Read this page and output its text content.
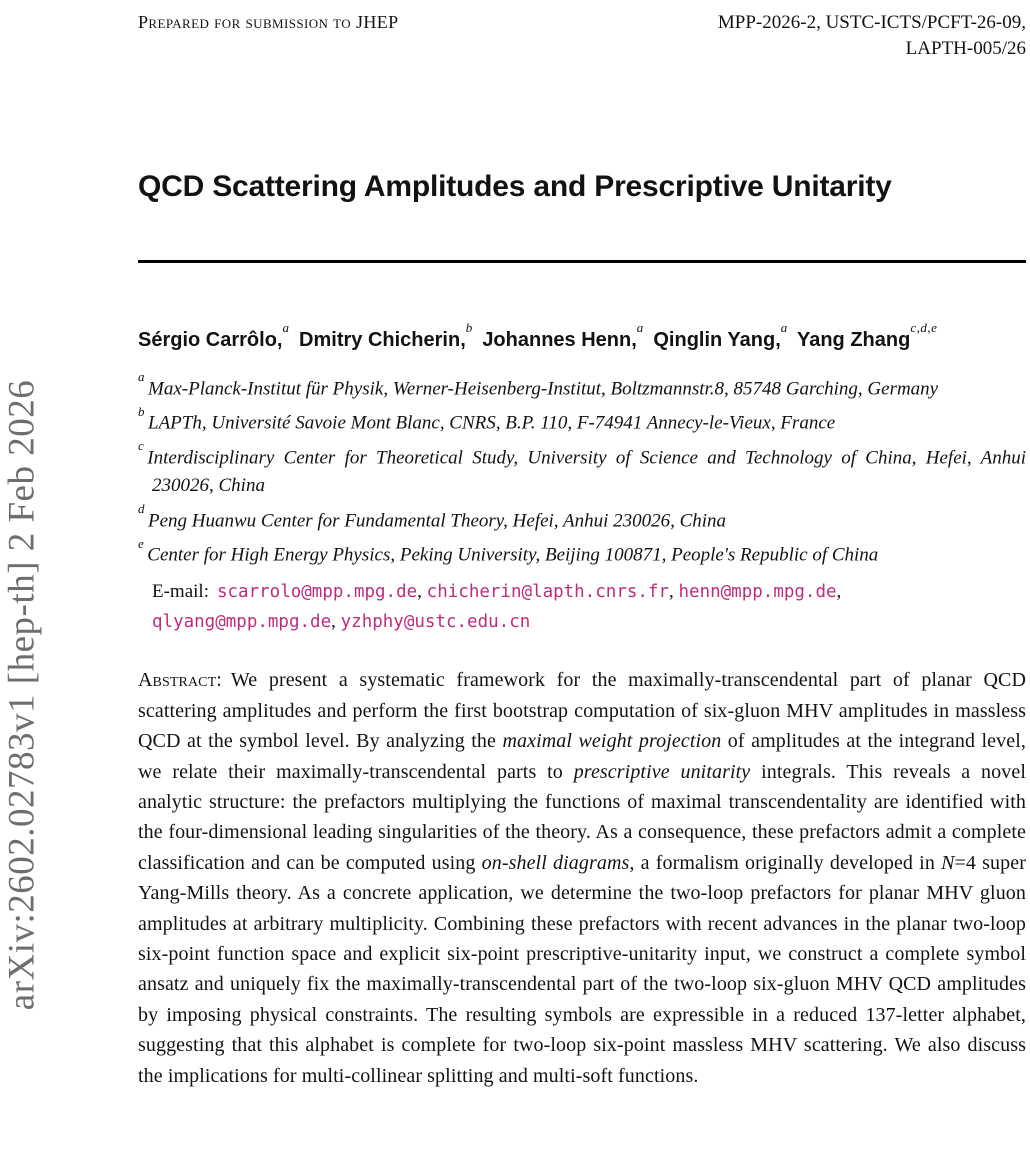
arXiv:2602.02783v1 [hep-th] 2 Feb 2026
Prepared for submission to JHEP	MPP-2026-2, USTC-ICTS/PCFT-26-09,
LAPTH-005/26
QCD Scattering Amplitudes and Prescriptive Unitarity
Sérgio Carrôlo,$^a$ Dmitry Chicherin,$^b$ Johannes Henn,$^a$ Qinglin Yang,$^a$ Yang Zhang$^{c,d,e}$
$^a$Max-Planck-Institut für Physik, Werner-Heisenberg-Institut, Boltzmannstr.8, 85748 Garching, Germany
$^b$LAPTh, Université Savoie Mont Blanc, CNRS, B.P. 110, F-74941 Annecy-le-Vieux, France
$^c$Interdisciplinary Center for Theoretical Study, University of Science and Technology of China, Hefei, Anhui 230026, China
$^d$Peng Huanwu Center for Fundamental Theory, Hefei, Anhui 230026, China
$^e$Center for High Energy Physics, Peking University, Beijing 100871, People's Republic of China
E-mail: scarrolo@mpp.mpg.de, chicherin@lapth.cnrs.fr, henn@mpp.mpg.de, qlyang@mpp.mpg.de, yzhphy@ustc.edu.cn
Abstract: We present a systematic framework for the maximally-transcendental part of planar QCD scattering amplitudes and perform the first bootstrap computation of six-gluon MHV amplitudes in massless QCD at the symbol level. By analyzing the maximal weight projection of amplitudes at the integrand level, we relate their maximally-transcendental parts to prescriptive unitarity integrals. This reveals a novel analytic structure: the prefactors multiplying the functions of maximal transcendentality are identified with the four-dimensional leading singularities of the theory. As a consequence, these prefactors admit a complete classification and can be computed using on-shell diagrams, a formalism originally developed in N=4 super Yang-Mills theory. As a concrete application, we determine the two-loop prefactors for planar MHV gluon amplitudes at arbitrary multiplicity. Combining these prefactors with recent advances in the planar two-loop six-point function space and explicit six-point prescriptive-unitarity input, we construct a complete symbol ansatz and uniquely fix the maximally-transcendental part of the two-loop six-gluon MHV QCD amplitudes by imposing physical constraints. The resulting symbols are expressible in a reduced 137-letter alphabet, suggesting that this alphabet is complete for two-loop six-point massless MHV scattering. We also discuss the implications for multi-collinear splitting and multi-soft functions.
